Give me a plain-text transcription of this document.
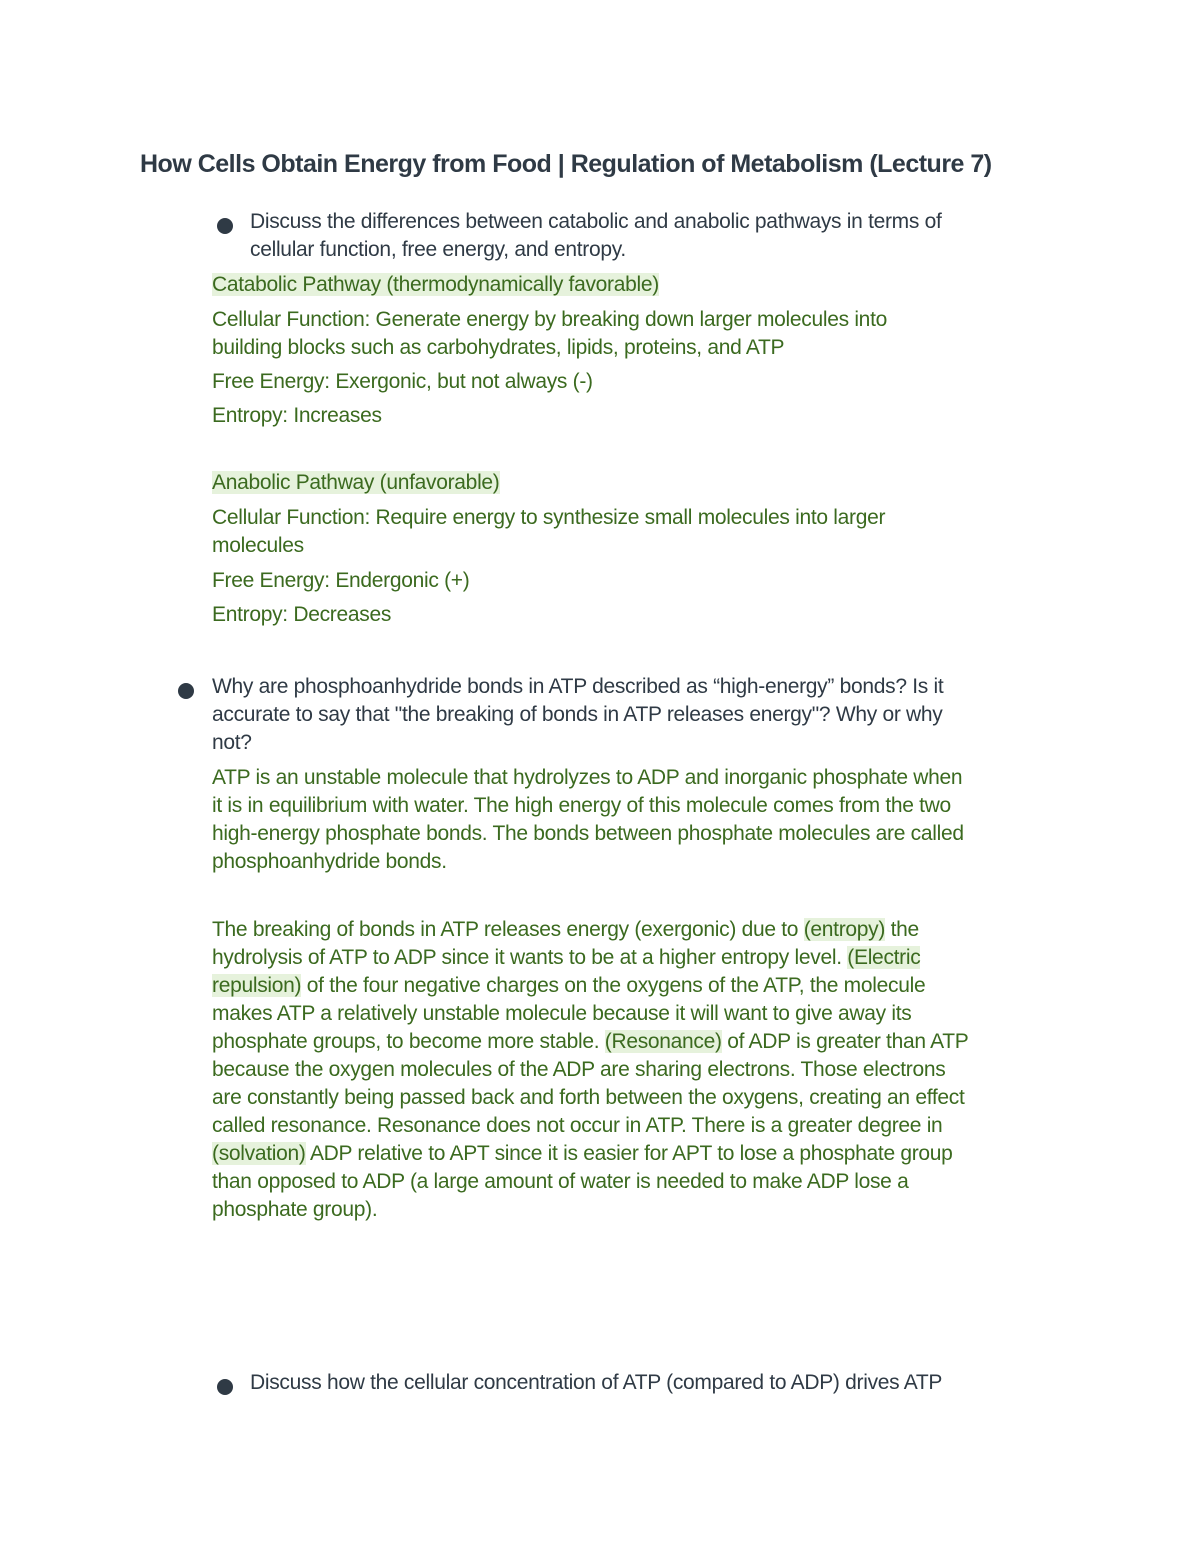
How Cells Obtain Energy from Food | Regulation of Metabolism (Lecture 7)
Discuss the differences between catabolic and anabolic pathways in terms of
cellular function, free energy, and entropy.
Catabolic Pathway (thermodynamically favorable)
Cellular Function: Generate energy by breaking down larger molecules into
building blocks such as carbohydrates, lipids, proteins, and ATP
Free Energy: Exergonic, but not always (-)
Entropy: Increases
Anabolic Pathway (unfavorable)
Cellular Function: Require energy to synthesize small molecules into larger
molecules
Free Energy: Endergonic (+)
Entropy: Decreases
Why are phosphoanhydride bonds in ATP described as “high-energy” bonds? Is it
accurate to say that "the breaking of bonds in ATP releases energy"? Why or why
not?
ATP is an unstable molecule that hydrolyzes to ADP and inorganic phosphate when
it is in equilibrium with water. The high energy of this molecule comes from the two
high-energy phosphate bonds. The bonds between phosphate molecules are called
phosphoanhydride bonds.
The breaking of bonds in ATP releases energy (exergonic) due to (entropy) the
hydrolysis of ATP to ADP since it wants to be at a higher entropy level. (Electric
repulsion) of the four negative charges on the oxygens of the ATP, the molecule
makes ATP a relatively unstable molecule because it will want to give away its
phosphate groups, to become more stable. (Resonance) of ADP is greater than ATP
because the oxygen molecules of the ADP are sharing electrons. Those electrons
are constantly being passed back and forth between the oxygens, creating an effect
called resonance. Resonance does not occur in ATP. There is a greater degree in
(solvation) ADP relative to APT since it is easier for APT to lose a phosphate group
than opposed to ADP (a large amount of water is needed to make ADP lose a
phosphate group).
Discuss how the cellular concentration of ATP (compared to ADP) drives ATP
